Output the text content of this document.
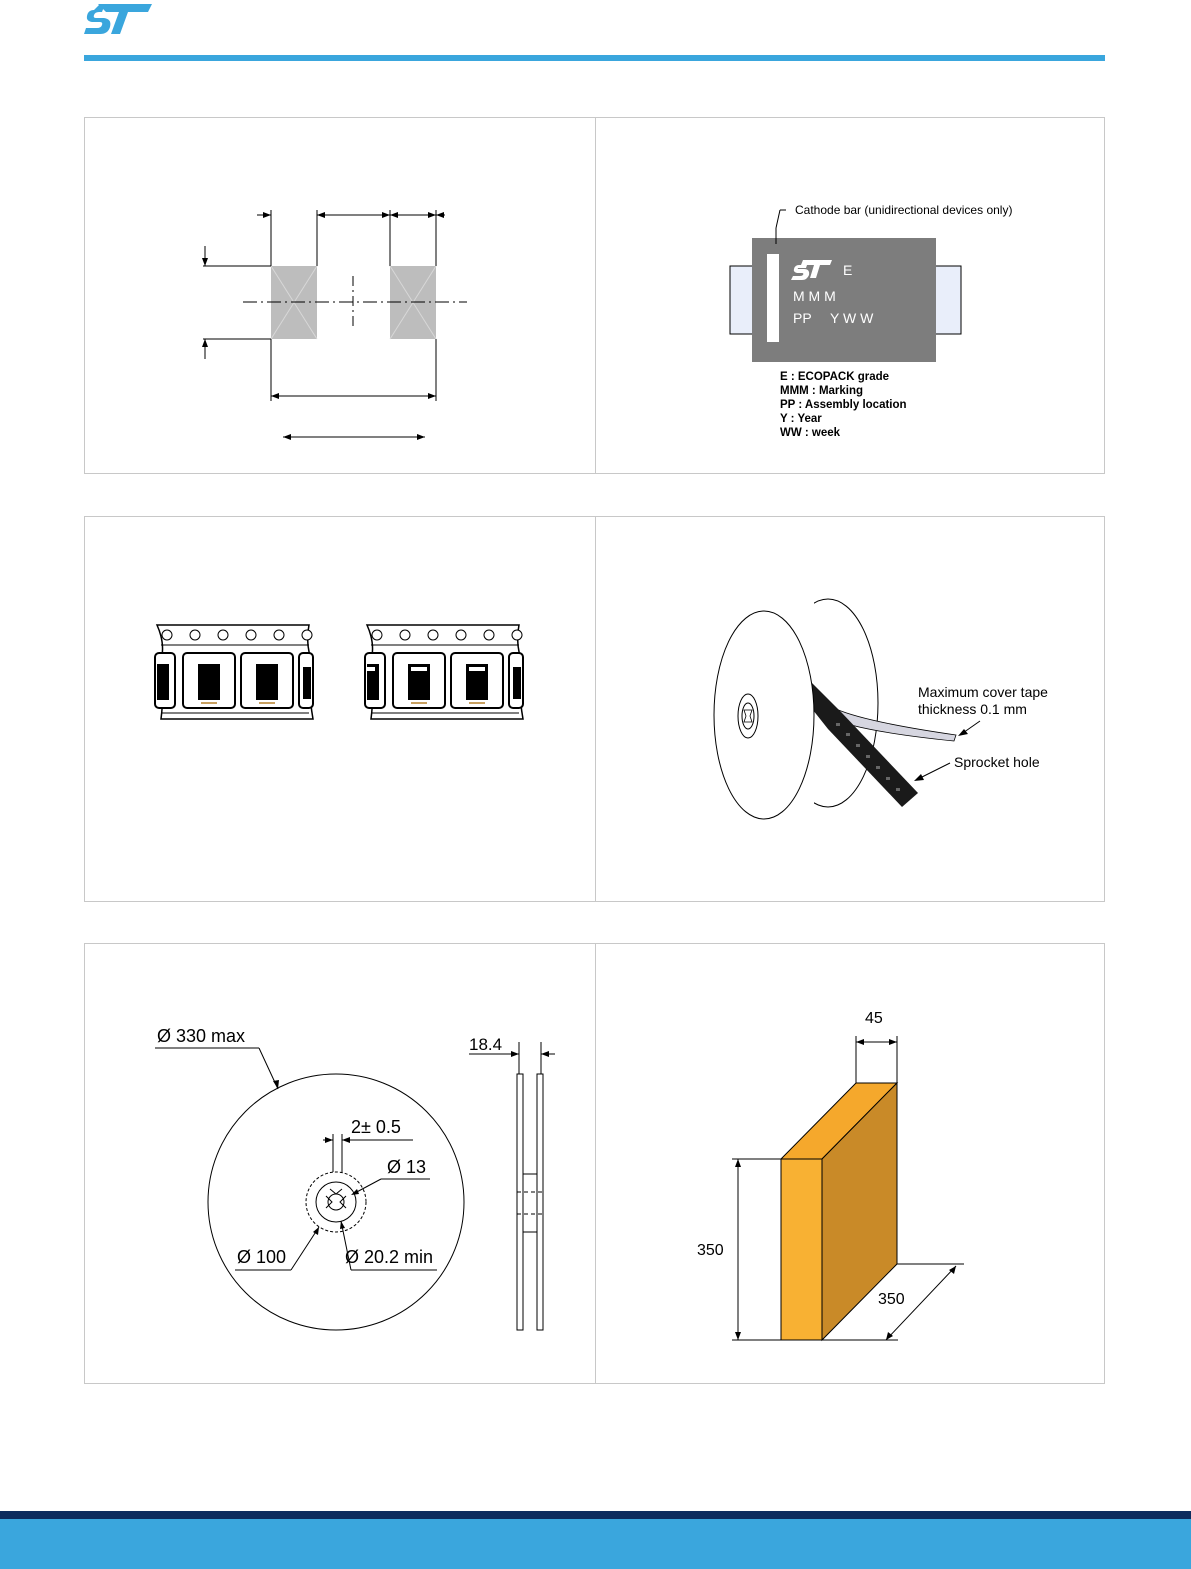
Cathode bar (unidirectional devices only)
E
M M M
PP Y W W
E : ECOPACK grade
MMM : Marking
PP : Assembly location
Y : Year
WW : week
Maximum cover tape
thickness 0.1 mm
Sprocket hole
Ø 330 max	18.4
2± 0.5
Ø 13
Ø 100	Ø 20.2 min
45
350
350
